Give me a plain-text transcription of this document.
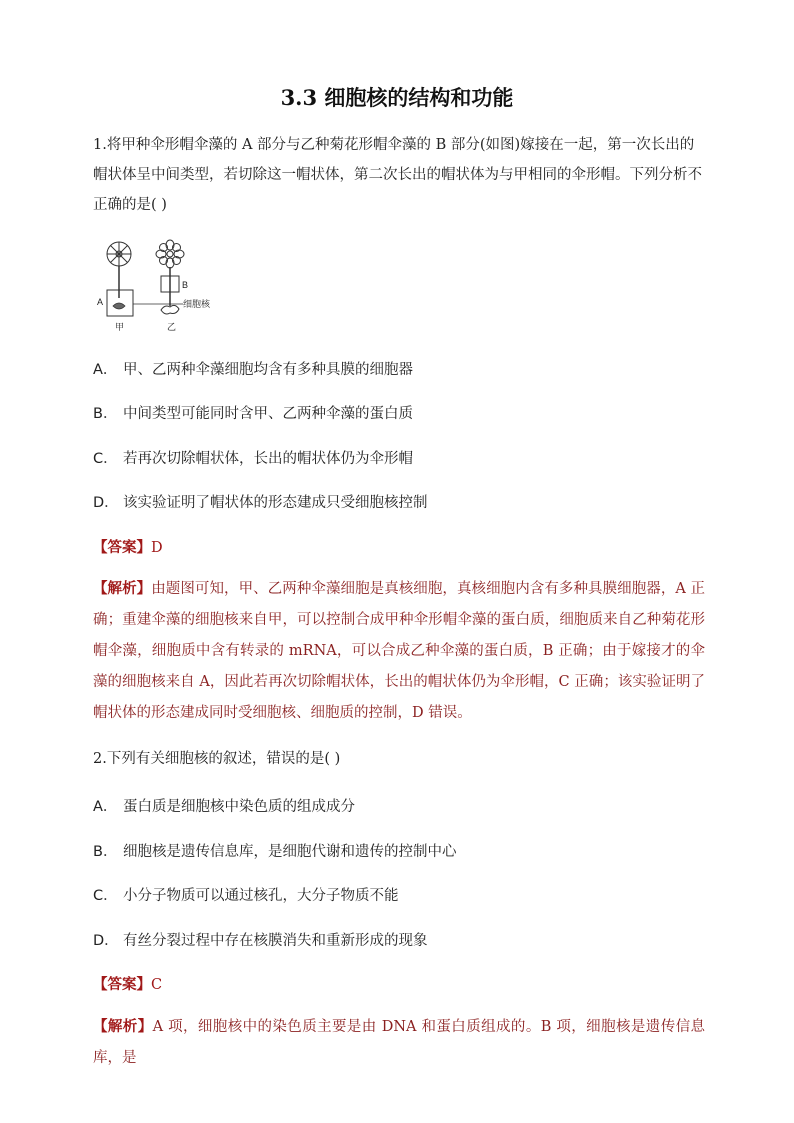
3.3 细胞核的结构和功能
1.将甲种伞形帽伞藻的 A 部分与乙种菊花形帽伞藻的 B 部分(如图)嫁接在一起，第一次长出的帽状体呈中间类型，若切除这一帽状体，第二次长出的帽状体为与甲相同的伞形帽。下列分析不正确的是( )
A
甲
B
细胞核
乙
A． 甲、乙两种伞藻细胞均含有多种具膜的细胞器
B． 中间类型可能同时含甲、乙两种伞藻的蛋白质
C． 若再次切除帽状体，长出的帽状体仍为伞形帽
D． 该实验证明了帽状体的形态建成只受细胞核控制
【答案】D
【解析】由题图可知，甲、乙两种伞藻细胞是真核细胞，真核细胞内含有多种具膜细胞器，A 正确；重建伞藻的细胞核来自甲，可以控制合成甲种伞形帽伞藻的蛋白质，细胞质来自乙种菊花形帽伞藻，细胞质中含有转录的 mRNA，可以合成乙种伞藻的蛋白质，B 正确；由于嫁接才的伞藻的细胞核来自 A，因此若再次切除帽状体，长出的帽状体仍为伞形帽，C 正确；该实验证明了帽状体的形态建成同时受细胞核、细胞质的控制，D 错误。
2.下列有关细胞核的叙述，错误的是( )
A． 蛋白质是细胞核中染色质的组成成分
B． 细胞核是遗传信息库，是细胞代谢和遗传的控制中心
C． 小分子物质可以通过核孔，大分子物质不能
D． 有丝分裂过程中存在核膜消失和重新形成的现象
【答案】C
【解析】A 项，细胞核中的染色质主要是由 DNA 和蛋白质组成的。B 项，细胞核是遗传信息库，是
